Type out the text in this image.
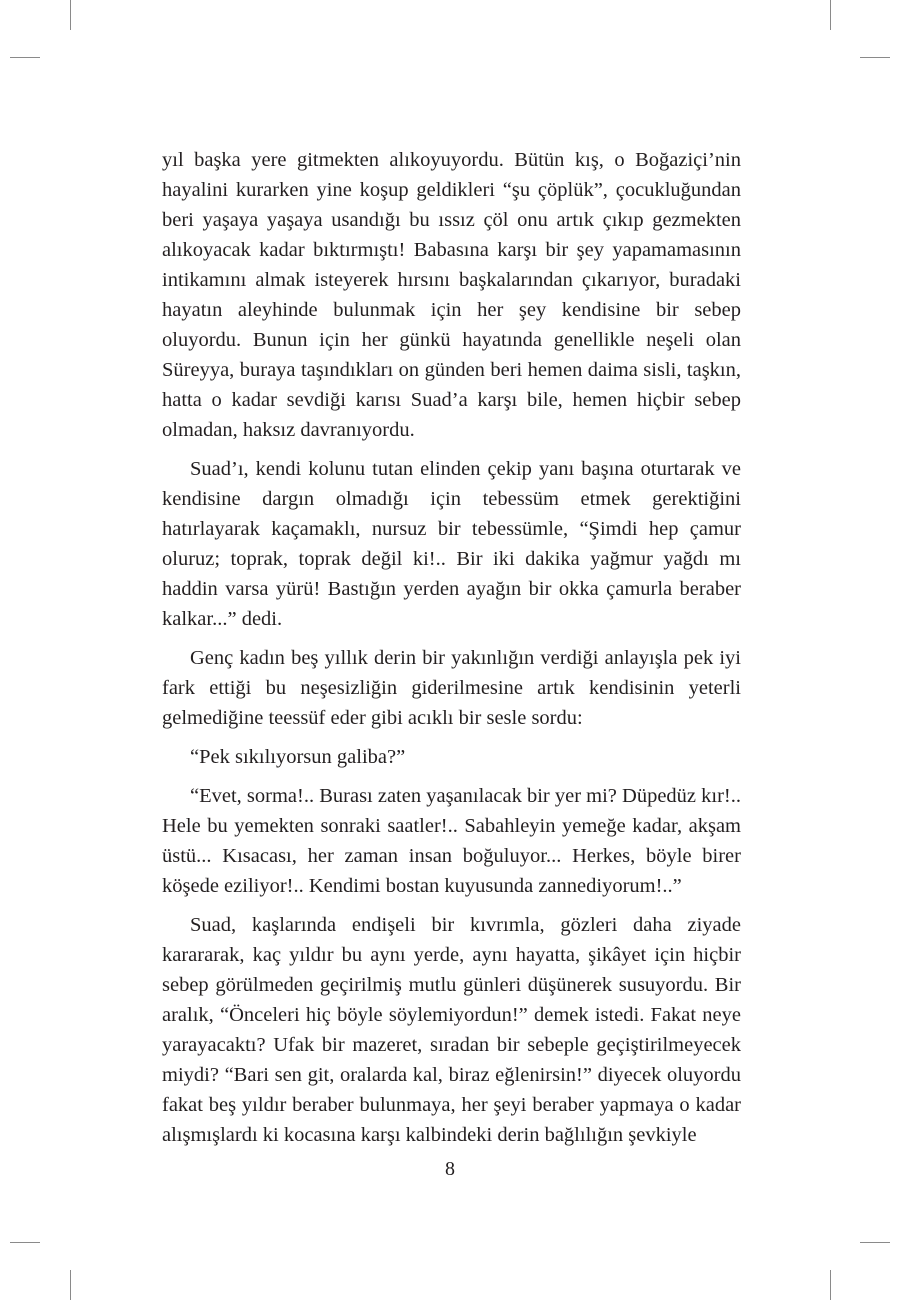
yıl başka yere gitmekten alıkoyuyordu. Bütün kış, o Boğaziçi’nin hayalini kurarken yine koşup geldikleri “şu çöplük”, çocukluğundan beri yaşaya yaşaya usandığı bu ıssız çöl onu artık çıkıp gezmekten alıkoyacak kadar bıktırmıştı! Babasına karşı bir şey yapamamasının intikamını almak isteyerek hırsını başkalarından çıkarıyor, buradaki hayatın aleyhinde bulunmak için her şey kendisine bir sebep oluyordu. Bunun için her günkü hayatında genellikle neşeli olan Süreyya, buraya taşındıkları on günden beri hemen daima sisli, taşkın, hatta o kadar sevdiği karısı Suad’a karşı bile, hemen hiçbir sebep olmadan, haksız davranıyordu.

Suad’ı, kendi kolunu tutan elinden çekip yanı başına oturtarak ve kendisine dargın olmadığı için tebessüm etmek gerektiğini hatırlayarak kaçamaklı, nursuz bir tebessümle, “Şimdi hep çamur oluruz; toprak, toprak değil ki!.. Bir iki dakika yağmur yağdı mı haddin varsa yürü! Bastığın yerden ayağın bir okka çamurla beraber kalkar...” dedi.

Genç kadın beş yıllık derin bir yakınlığın verdiği anlayışla pek iyi fark ettiği bu neşesizliğin giderilmesine artık kendisinin yeterli gelmediğine teessüf eder gibi acıklı bir sesle sordu:

“Pek sıkılıyorsun galiba?”

“Evet, sorma!.. Burası zaten yaşanılacak bir yer mi? Düpedüz kır!.. Hele bu yemekten sonraki saatler!.. Sabahleyin yemeğe kadar, akşam üstü... Kısacası, her zaman insan boğuluyor... Herkes, böyle birer köşede eziliyor!.. Kendimi bostan kuyusunda zannediyorum!..”

Suad, kaşlarında endişeli bir kıvrımla, gözleri daha ziyade karararak, kaç yıldır bu aynı yerde, aynı hayatta, şikâyet için hiçbir sebep görülmeden geçirilmiş mutlu günleri düşünerek susuyordu. Bir aralık, “Önceleri hiç böyle söylemiyordun!” demek istedi. Fakat neye yarayacaktı? Ufak bir mazeret, sıradan bir sebeple geçiştirilmeyecek miydi? “Bari sen git, oralarda kal, biraz eğlenirsin!” diyecek oluyordu fakat beş yıldır beraber bulunmaya, her şeyi beraber yapmaya o kadar alışmışlardı ki kocasına karşı kalbindeki derin bağlılığın şevkiyle

8
